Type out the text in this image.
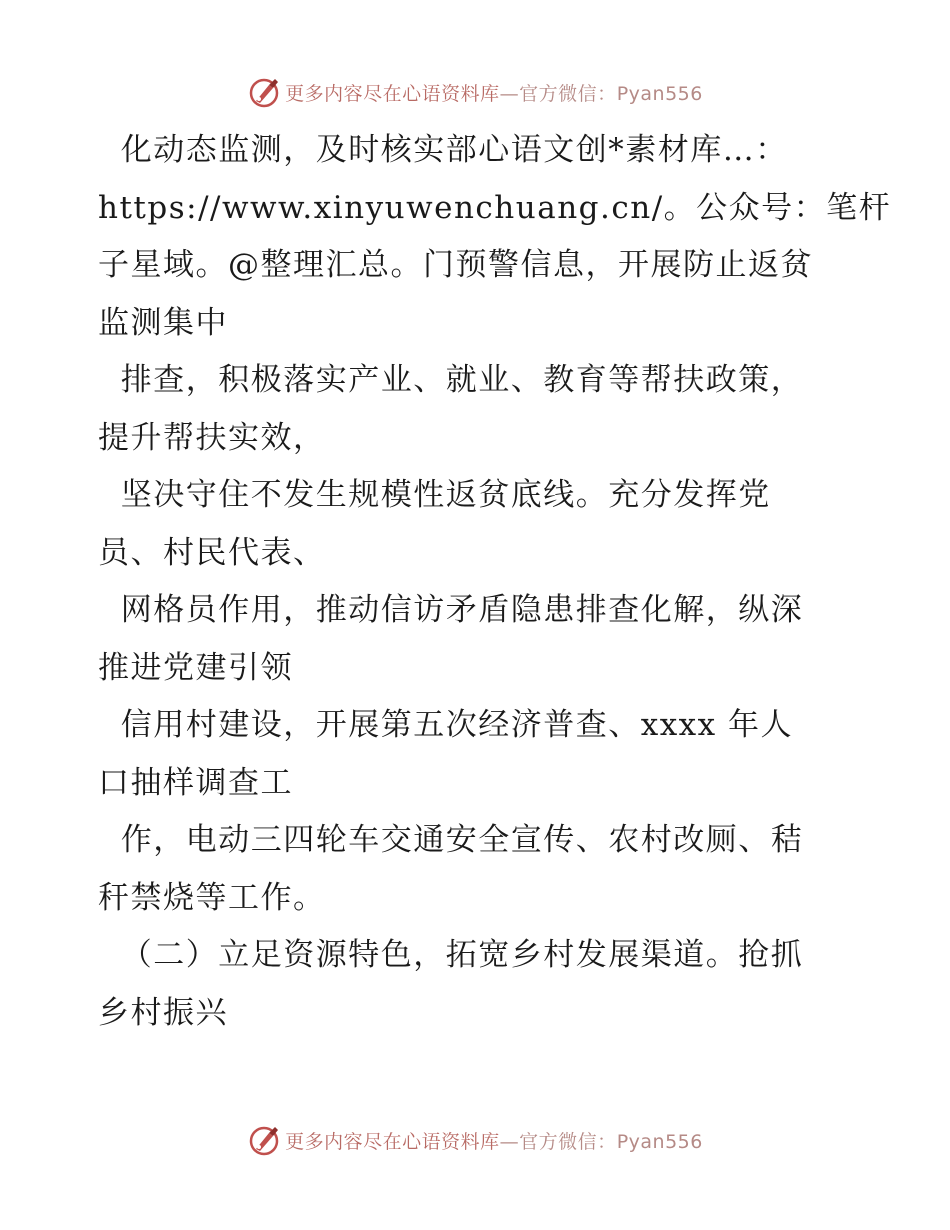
更多内容尽在心语资料库—官方微信：Pyan556
化动态监测，及时核实部心语文创*素材库…：
https://www.xinyuwenchuang.cn/。公众号：笔杆
子星域。@整理汇总。门预警信息，开展防止返贫
监测集中
排查，积极落实产业、就业、教育等帮扶政策，
提升帮扶实效，
坚决守住不发生规模性返贫底线。充分发挥党
员、村民代表、
网格员作用，推动信访矛盾隐患排查化解，纵深
推进党建引领
信用村建设，开展第五次经济普查、xxxx 年人
口抽样调查工
作，电动三四轮车交通安全宣传、农村改厕、秸
秆禁烧等工作。
（二）立足资源特色，拓宽乡村发展渠道。抢抓
乡村振兴
更多内容尽在心语资料库—官方微信：Pyan556
